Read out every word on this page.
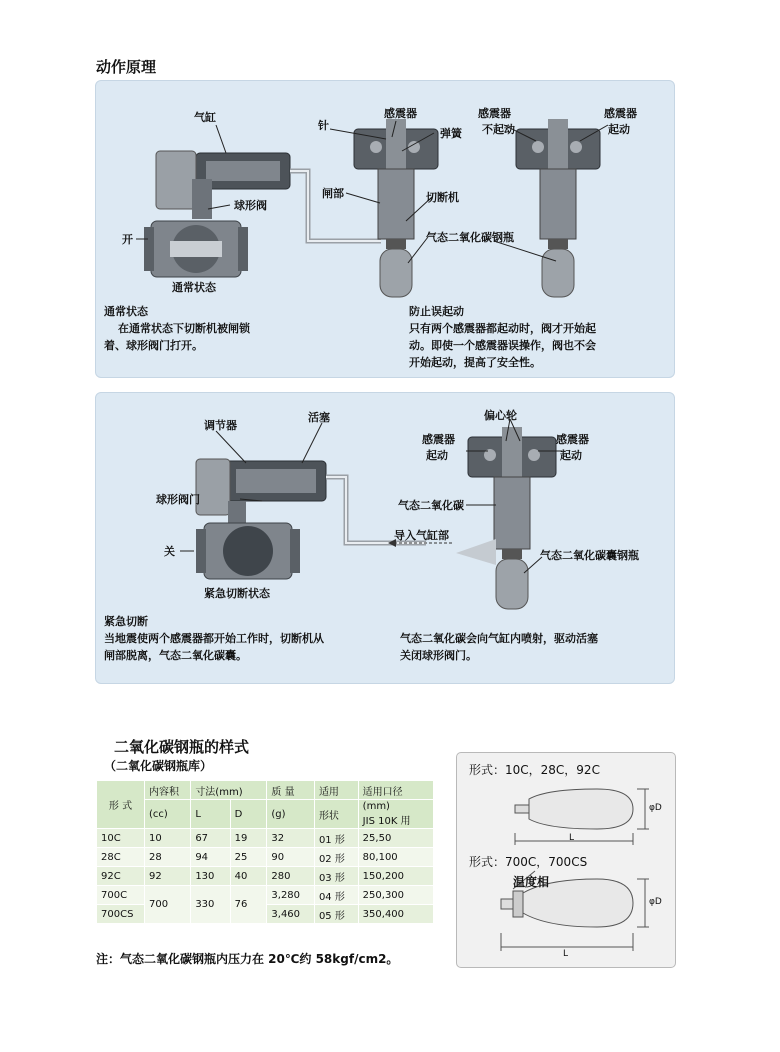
动作原理
气缸
针
感震器
弹簧
闸部	切断机
球形阀
开	气态二氧化碳钢瓶
通常状态
感震器
不起动
感震器
起动
通常状态
在通常状态下切断机被闸锁
着、球形阀门打开。
防止误起动
只有两个感震器都起动时，阀才开始起
动。即使一个感震器误操作，阀也不会
开始起动，提高了安全性。
调节器
活塞	偏心轮
球形阀门
感震器
起动
感震器
起动
气态二氧化碳
关
导入气缸部
紧急切断状态
气态二氧化碳囊钢瓶
紧急切断
当地震使两个感震器都开始工作时，切断机从
闸部脱离，气态二氧化碳囊。
气态二氧化碳会向气缸内喷射，驱动活塞
关闭球形阀门。
二氧化碳钢瓶的样式
（二氧化碳钢瓶库）
形 式	内容积	寸法(mm)		质 量	适用	适用口径
	(cc)	L	D	(g)	形状	(mm)
JIS 10K 用
10C	10	67	19	32	01 形	25,50
28C	28	94	25	90	02 形	80,100
92C	92	130	40	280	03 形	150,200
700C	700	330	76	3,280	04 形	250,300
700CS				3,460	05 形	350,400
形式：10C，28C，92C
L
φD
形式：700C，700CS
温度相
L
φD
注：气态二氧化碳钢瓶内压力在 20℃约 58kgf/cm2。
